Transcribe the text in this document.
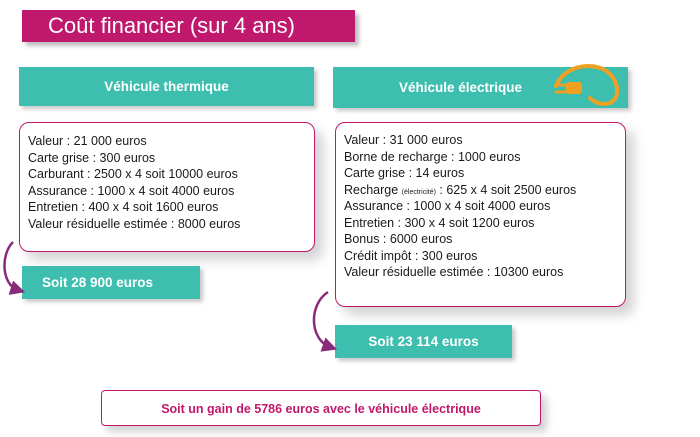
Coût financier (sur 4 ans)
Véhicule thermique	Véhicule électrique
Valeur : 21 000 euros
Carte grise : 300 euros
Carburant : 2500 x 4 soit 10000 euros
Assurance : 1000 x 4 soit 4000 euros
Entretien : 400 x 4 soit 1600 euros
Valeur résiduelle estimée : 8000 euros
Valeur : 31 000 euros
Borne de recharge : 1000 euros
Carte grise : 14 euros
Recharge (électricité) : 625 x 4 soit 2500 euros
Assurance : 1000 x 4 soit 4000 euros
Entretien : 300 x 4 soit 1200 euros
Bonus : 6000 euros
Crédit impôt : 300 euros
Valeur résiduelle estimée : 10300 euros
Soit 28 900 euros
Soit 23 114 euros
Soit un gain de 5786 euros avec le véhicule électrique
